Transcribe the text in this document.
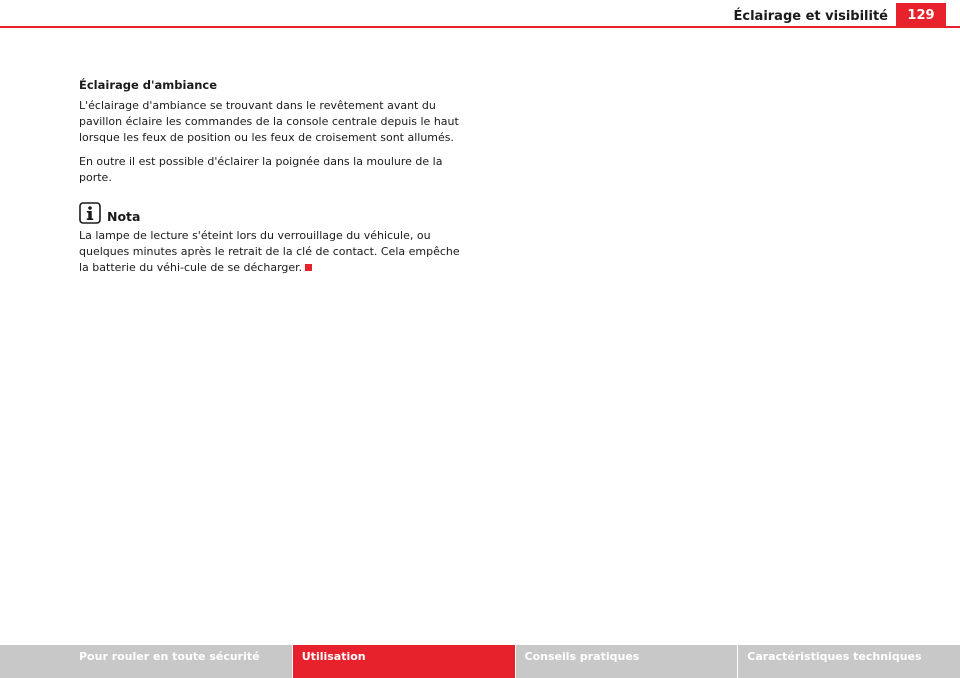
Éclairage et visibilité	129
Éclairage d'ambiance

L'éclairage d'ambiance se trouvant dans le revêtement avant du pavillon éclaire les commandes de la console centrale depuis le haut lorsque les feux de position ou les feux de croisement sont allumés.

En outre il est possible d'éclairer la poignée dans la moulure de la porte.

Nota

La lampe de lecture s'éteint lors du verrouillage du véhicule, ou quelques minutes après le retrait de la clé de contact. Cela empêche la batterie du véhi-cule de se décharger.

Pour rouler en toute sécurité	Utilisation	Conseils pratiques	Caractéristiques techniques
